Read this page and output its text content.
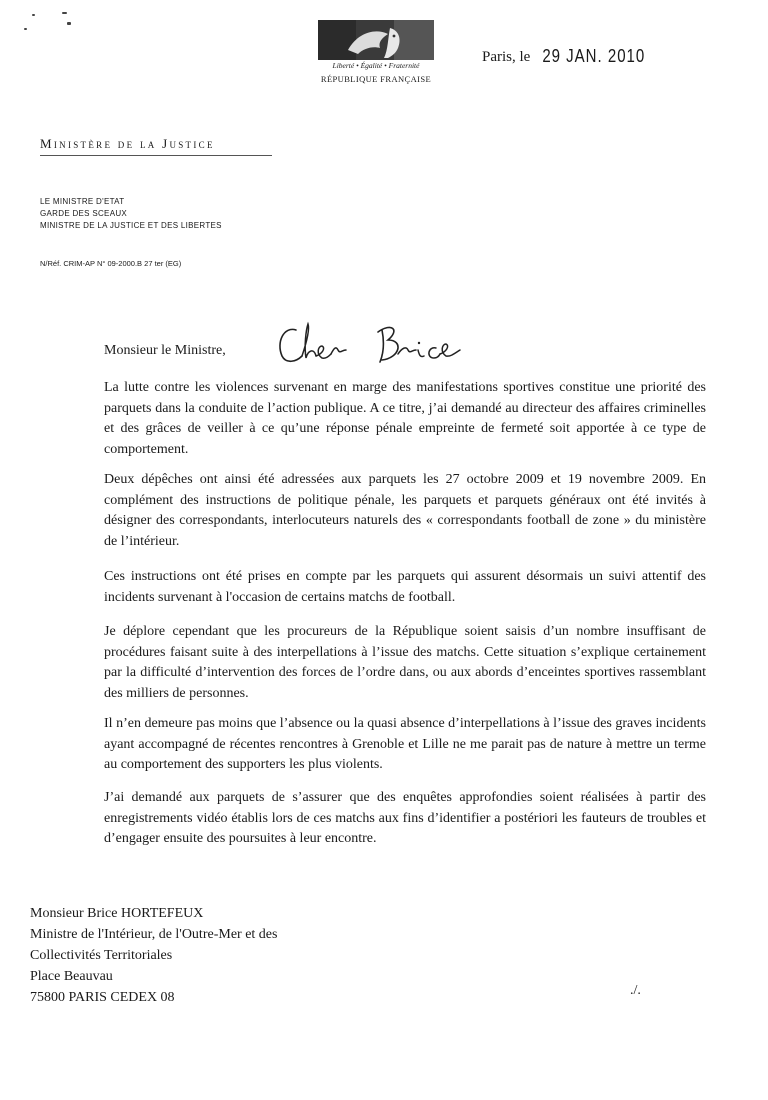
Liberté • Égalité • Fraternité
RÉPUBLIQUE FRANÇAISE
Paris, le 29 JAN. 2010
Ministère de la Justice
LE MINISTRE D'ETAT
GARDE DES SCEAUX
MINISTRE DE LA JUSTICE ET DES LIBERTES
N/Réf. CRIM-AP N° 09-2000.B 27 ter (EG)
Monsieur le Ministre,

La lutte contre les violences survenant en marge des manifestations sportives constitue une priorité des parquets dans la conduite de l’action publique. A ce titre, j’ai demandé au directeur des affaires criminelles et des grâces de veiller à ce qu’une réponse pénale empreinte de fermeté soit apportée à ce type de comportement.

Deux dépêches ont ainsi été adressées aux parquets les 27 octobre 2009 et 19 novembre 2009. En complément des instructions de politique pénale, les parquets et parquets généraux ont été invités à désigner des correspondants, interlocuteurs naturels des « correspondants football de zone » du ministère de l’intérieur.

Ces instructions ont été prises en compte par les parquets qui assurent désormais un suivi attentif des incidents survenant à l'occasion de certains matchs de football.

Je déplore cependant que les procureurs de la République soient saisis d’un nombre insuffisant de procédures faisant suite à des interpellations à l’issue des matchs. Cette situation s’explique certainement par la difficulté d’intervention des forces de l’ordre dans, ou aux abords d’enceintes sportives rassemblant des milliers de personnes.

Il n’en demeure pas moins que l’absence ou la quasi absence d’interpellations à l’issue des graves incidents ayant accompagné de récentes rencontres à Grenoble et Lille ne me parait pas de nature à mettre un terme au comportement des supporters les plus violents.

J’ai demandé aux parquets de s’assurer que des enquêtes approfondies soient réalisées à partir des enregistrements vidéo établis lors de ces matchs aux fins d’identifier a postériori les fauteurs de troubles et d’engager ensuite des poursuites à leur encontre.

Monsieur Brice HORTEFEUX
Ministre de l'Intérieur, de l'Outre-Mer et des
Collectivités Territoriales
Place Beauvau
75800 PARIS CEDEX 08	./.
